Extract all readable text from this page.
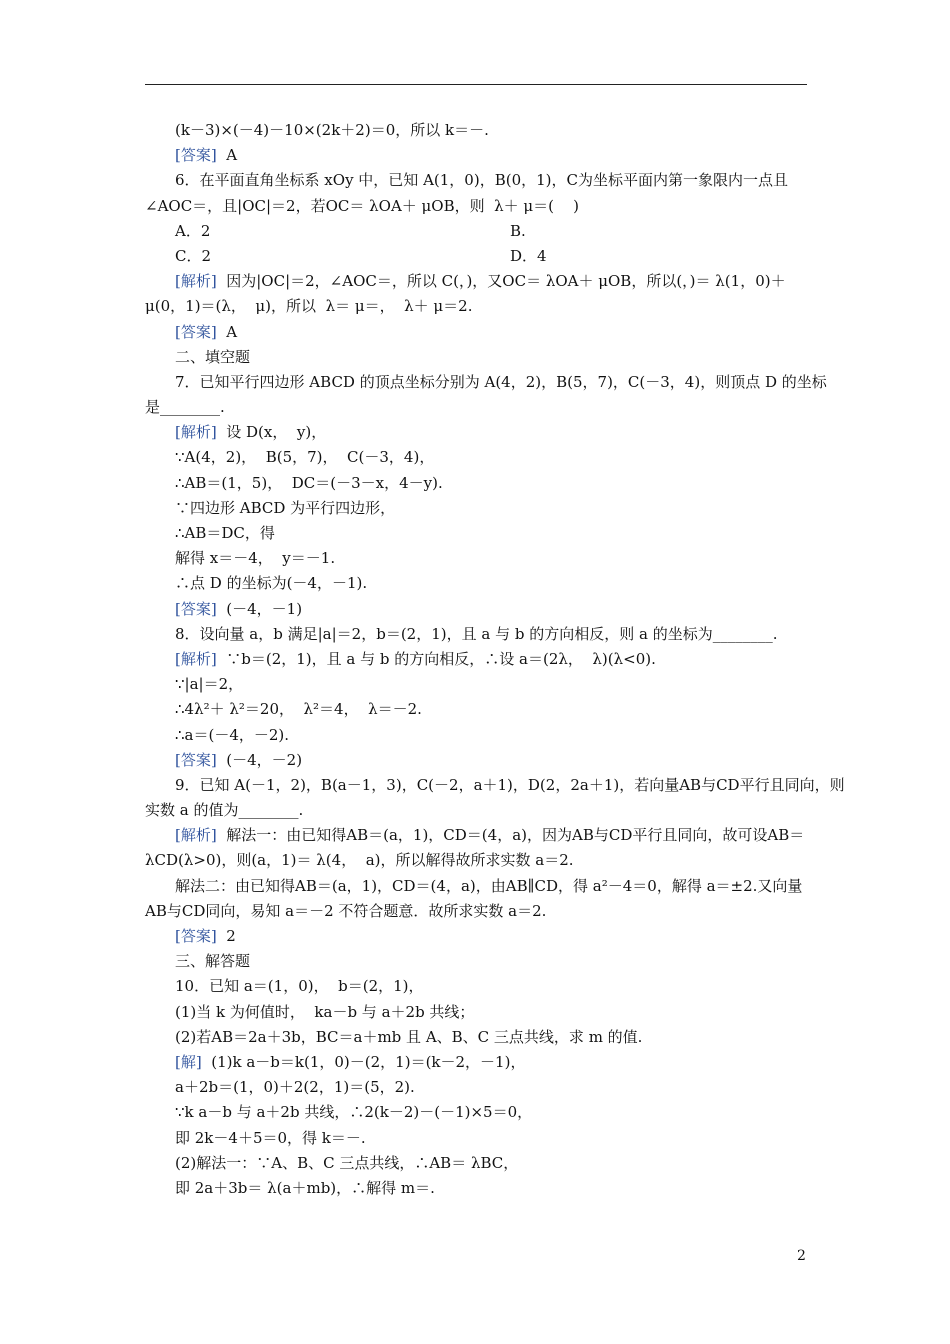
(k－3)×(－4)－10×(2k＋2)＝0，所以 k＝－.
[答案]  A
6．在平面直角坐标系 xOy 中，已知 A(1，0)，B(0，1)，C为坐标平面内第一象限内一点且
∠AOC＝，且|OC|＝2，若OC＝ λOA＋ μOB，则  λ＋ μ＝(    )
A．2	B.
C．2	D．4
[解析]  因为|OC|＝2，∠AOC＝，所以 C(，)，又OC＝ λOA＋ μOB，所以(，)＝ λ(1，0)＋
μ(0，1)＝(λ，  μ)，所以  λ＝ μ＝，  λ＋ μ＝2.
[答案]  A
二、填空题
7．已知平行四边形 ABCD 的顶点坐标分别为 A(4，2)，B(5，7)，C(－3，4)，则顶点 D 的坐标
是________.
[解析]  设 D(x，  y)，
∵A(4，2)，  B(5，7)，  C(－3，4)，
∴AB＝(1，5)，  DC＝(－3－x，4－y).
∵四边形 ABCD 为平行四边形，
∴AB＝DC，得
解得 x＝－4，  y＝－1.
∴点 D 的坐标为(－4，－1).
[答案]  (－4，－1)
8．设向量 a，b 满足|a|＝2，b＝(2，1)，且 a 与 b 的方向相反，则 a 的坐标为________.
[解析]  ∵b＝(2，1)，且 a 与 b 的方向相反，∴设 a＝(2λ，  λ)(λ<0).
∵|a|＝2，
∴4λ²＋ λ²＝20，  λ²＝4，  λ＝－2.
∴a＝(－4，－2).
[答案]  (－4，－2)
9．已知 A(－1，2)，B(a－1，3)，C(－2，a＋1)，D(2，2a＋1)，若向量AB与CD平行且同向，则
实数 a 的值为________.
[解析]  解法一：由已知得AB＝(a，1)，CD＝(4，a)，因为AB与CD平行且同向，故可设AB＝
λCD(λ>0)，则(a，1)＝ λ(4，  a)，所以解得故所求实数 a＝2.
解法二：由已知得AB＝(a，1)，CD＝(4，a)，由AB∥CD，得 a²－4＝0，解得 a＝±2.又向量
AB与CD同向，易知 a＝－2 不符合题意．故所求实数 a＝2.
[答案]  2
三、解答题
10．已知 a＝(1，0)，  b＝(2，1)，
(1)当 k 为何值时，  ka－b 与 a＋2b 共线；
(2)若AB＝2a＋3b，BC＝a＋mb 且 A、B、C 三点共线，求 m 的值.
[解]  (1)k a－b＝k(1，0)－(2，1)＝(k－2，－1)，
a＋2b＝(1，0)＋2(2，1)＝(5，2).
∵k a－b 与 a＋2b 共线，∴2(k－2)－(－1)×5＝0，
即 2k－4＋5＝0，得 k＝－.
(2)解法一：∵A、B、C 三点共线，∴AB＝ λBC，
即 2a＋3b＝ λ(a＋mb)，∴解得 m＝.
2
